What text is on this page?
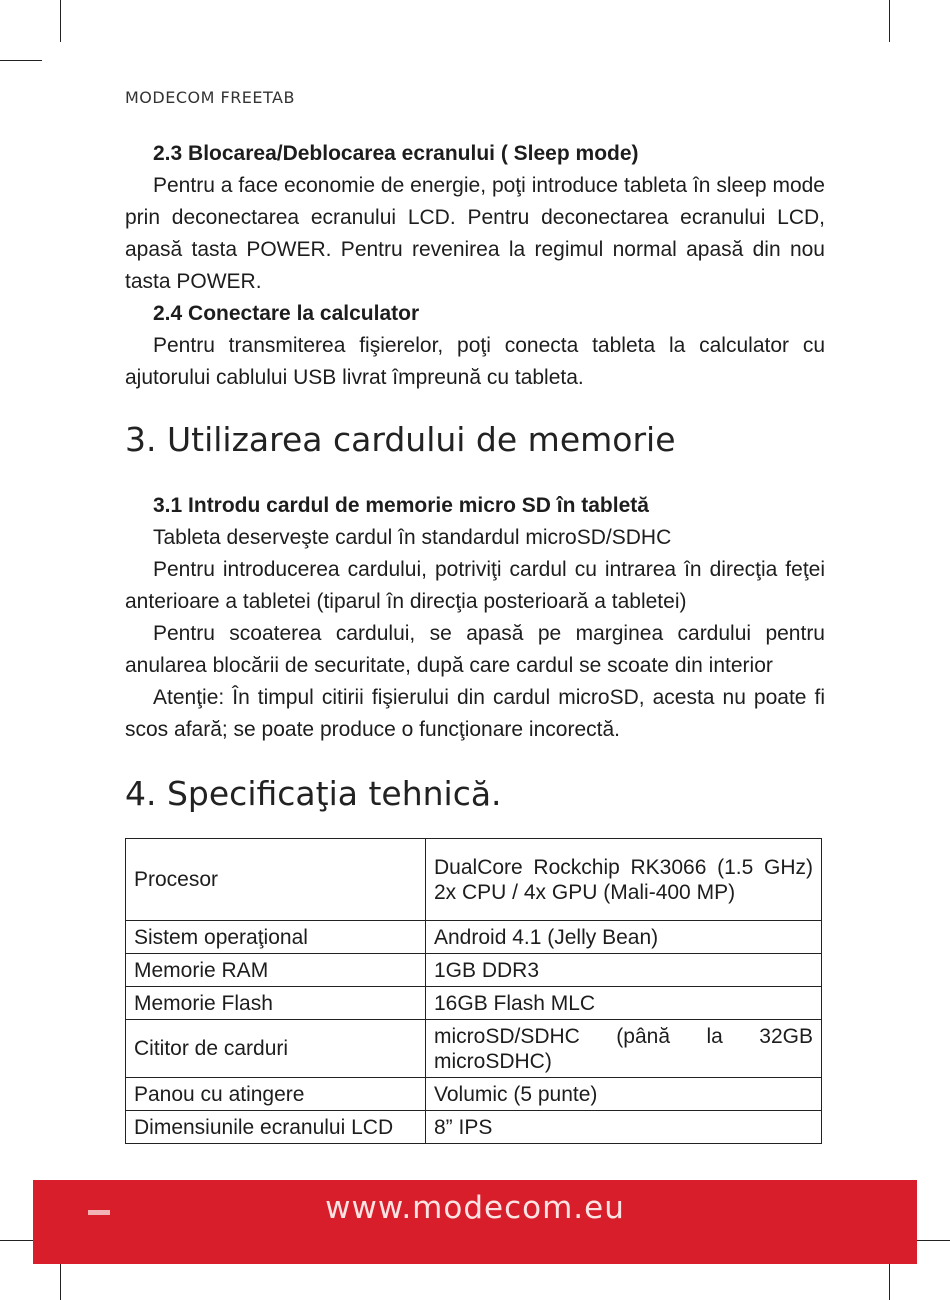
MODECOM FREETAB

2.3 Blocarea/Deblocarea ecranului ( Sleep mode)

Pentru a face economie de energie, poţi introduce tableta în sleep mode prin deconectarea ecranului LCD. Pentru deconectarea ecranului LCD, apasă tasta POWER. Pentru revenirea la regimul normal apasă din nou tasta POWER.

2.4 Conectare la calculator

Pentru transmiterea fişierelor, poţi conecta tableta la calculator cu ajutorului cablului USB livrat împreună cu tableta.

3. Utilizarea cardului de memorie

3.1 Introdu cardul de memorie micro SD în tabletă

Tableta deserveşte cardul în standardul microSD/SDHC

Pentru introducerea cardului, potriviţi cardul cu intrarea în direcţia feţei anterioare a tabletei (tiparul în direcţia posterioară a tabletei)

Pentru scoaterea cardului, se apasă pe marginea cardului pentru anularea blocării de securitate, după care cardul se scoate din interior

Atenţie: În timpul citirii fişierului din cardul microSD, acesta nu poate fi scos afară; se poate produce o funcţionare incorectă.

4. Specificaţia tehnică.
Procesor	DualCore Rockchip RK3066 (1.5 GHz) 2x CPU / 4x GPU (Mali-400 MP)
Sistem operaţional	Android 4.1 (Jelly Bean)
Memorie RAM	1GB DDR3
Memorie Flash	16GB Flash MLC
Cititor de carduri	microSD/SDHC (până la 32GB microSDHC)
Panou cu atingere	Volumic (5 punte)
Dimensiunile ecranului LCD	8” IPS
www.modecom.eu
